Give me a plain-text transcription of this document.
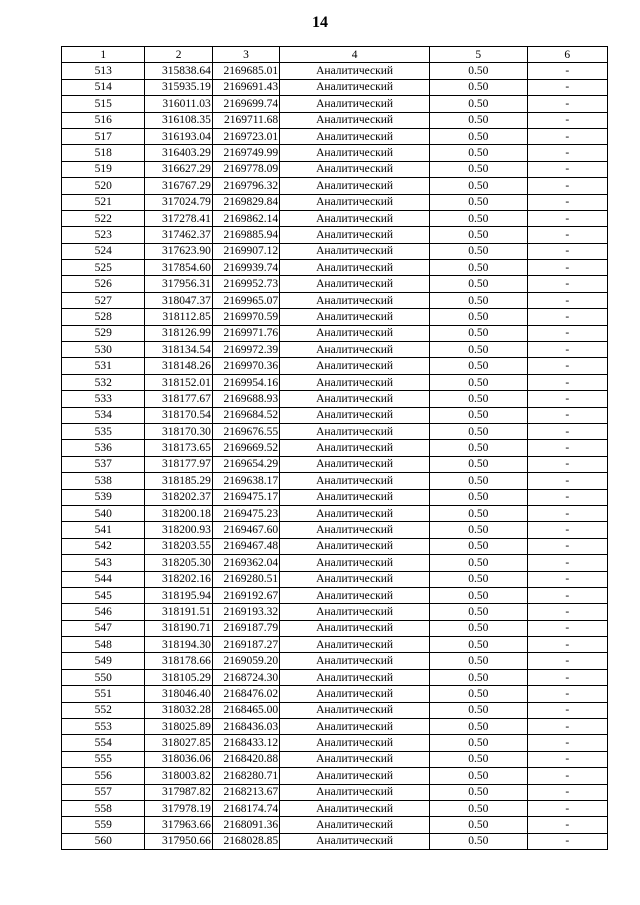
14
1	2	3	4	5	6
513	315838.64	2169685.01	Аналитический	0.50	-
514	315935.19	2169691.43	Аналитический	0.50	-
515	316011.03	2169699.74	Аналитический	0.50	-
516	316108.35	2169711.68	Аналитический	0.50	-
517	316193.04	2169723.01	Аналитический	0.50	-
518	316403.29	2169749.99	Аналитический	0.50	-
519	316627.29	2169778.09	Аналитический	0.50	-
520	316767.29	2169796.32	Аналитический	0.50	-
521	317024.79	2169829.84	Аналитический	0.50	-
522	317278.41	2169862.14	Аналитический	0.50	-
523	317462.37	2169885.94	Аналитический	0.50	-
524	317623.90	2169907.12	Аналитический	0.50	-
525	317854.60	2169939.74	Аналитический	0.50	-
526	317956.31	2169952.73	Аналитический	0.50	-
527	318047.37	2169965.07	Аналитический	0.50	-
528	318112.85	2169970.59	Аналитический	0.50	-
529	318126.99	2169971.76	Аналитический	0.50	-
530	318134.54	2169972.39	Аналитический	0.50	-
531	318148.26	2169970.36	Аналитический	0.50	-
532	318152.01	2169954.16	Аналитический	0.50	-
533	318177.67	2169688.93	Аналитический	0.50	-
534	318170.54	2169684.52	Аналитический	0.50	-
535	318170.30	2169676.55	Аналитический	0.50	-
536	318173.65	2169669.52	Аналитический	0.50	-
537	318177.97	2169654.29	Аналитический	0.50	-
538	318185.29	2169638.17	Аналитический	0.50	-
539	318202.37	2169475.17	Аналитический	0.50	-
540	318200.18	2169475.23	Аналитический	0.50	-
541	318200.93	2169467.60	Аналитический	0.50	-
542	318203.55	2169467.48	Аналитический	0.50	-
543	318205.30	2169362.04	Аналитический	0.50	-
544	318202.16	2169280.51	Аналитический	0.50	-
545	318195.94	2169192.67	Аналитический	0.50	-
546	318191.51	2169193.32	Аналитический	0.50	-
547	318190.71	2169187.79	Аналитический	0.50	-
548	318194.30	2169187.27	Аналитический	0.50	-
549	318178.66	2169059.20	Аналитический	0.50	-
550	318105.29	2168724.30	Аналитический	0.50	-
551	318046.40	2168476.02	Аналитический	0.50	-
552	318032.28	2168465.00	Аналитический	0.50	-
553	318025.89	2168436.03	Аналитический	0.50	-
554	318027.85	2168433.12	Аналитический	0.50	-
555	318036.06	2168420.88	Аналитический	0.50	-
556	318003.82	2168280.71	Аналитический	0.50	-
557	317987.82	2168213.67	Аналитический	0.50	-
558	317978.19	2168174.74	Аналитический	0.50	-
559	317963.66	2168091.36	Аналитический	0.50	-
560	317950.66	2168028.85	Аналитический	0.50	-
